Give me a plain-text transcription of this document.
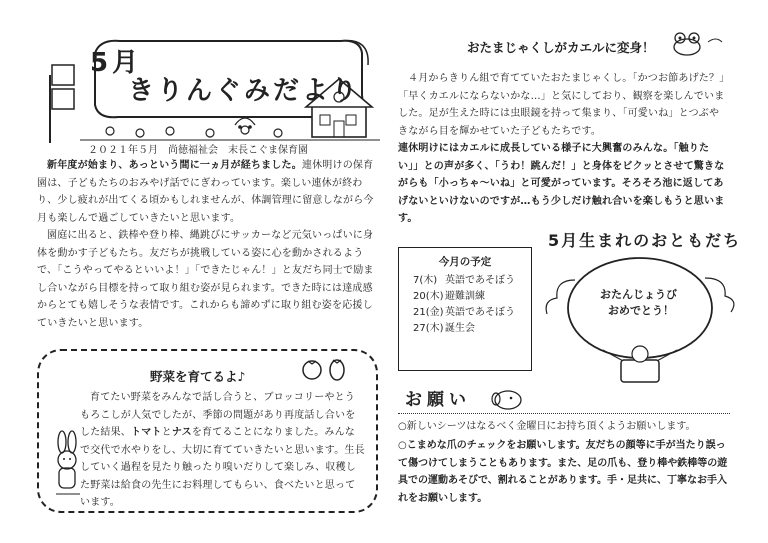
5月
きりんぐみだより
２０２１年５月　尚徳福祉会　末長こぐま保育園

新年度が始まり、あっという間に一ヵ月が経ちました。連休明けの保育園は、子どもたちのおみやげ話でにぎわっています。楽しい連休が終わり、少し疲れが出てくる頃かもしれませんが、体調管理に留意しながら今月も楽しんで過ごしていきたいと思います。

園庭に出ると、鉄棒や登り棒、縄跳びにサッカーなど元気いっぱいに身体を動かす子どもたち。友だちが挑戦している姿に心を動かされるようで、「こうやってやるといいよ！」「できたじゃん！」と友だち同士で励まし合いながら目標を持って取り組む姿が見られます。できた時には達成感からとても嬉しそうな表情です。これからも諦めずに取り組む姿を応援していきたいと思います。

野菜を育てるよ♪

育てたい野菜をみんなで話し合うと、ブロッコリーやとうもろこしが人気でしたが、季節の問題があり再度話し合いをした結果、トマトとナスを育てることになりました。みんなで交代で水やりをし、大切に育てていきたいと思います。生長していく過程を見たり触ったり嗅いだりして楽しみ、収穫した野菜は給食の先生にお料理してもらい、食べたいと思っています。

おたまじゃくしがカエルに変身！

４月からきりん組で育てていたおたまじゃくし。「かつお節あげた？」「早くカエルにならないかな…」と気にしており、観察を楽しんでいました。足が生えた時には虫眼鏡を持って集まり、「可愛いね」とつぶやきながら目を輝かせていた子どもたちです。

連休明けにはカエルに成長している様子に大興奮のみんな。「触りたい」」との声が多く、「うわ！跳んだ！」と身体をビクッとさせて驚きながらも「小っちゃ～いね」と可愛がっています。そろそろ池に返してあげないといけないのですが…もう少しだけ触れ合いを楽しもうと思います。

5月生まれのおともだち
おたんじょうび
おめでとう！
今月の予定
7(木) 英語であそぼう
20(木)避難訓練
21(金)英語であそぼう
27(木)誕生会
お願い
○新しいシーツはなるべく金曜日にお持ち頂くようお願いします。
○こまめな爪のチェックをお願いします。友だちの顔等に手が当たり誤って傷つけてしまうこともあります。また、足の爪も、登り棒や鉄棒等の遊具での運動あそびで、割れることがあります。手・足共に、丁寧なお手入れをお願いします。
